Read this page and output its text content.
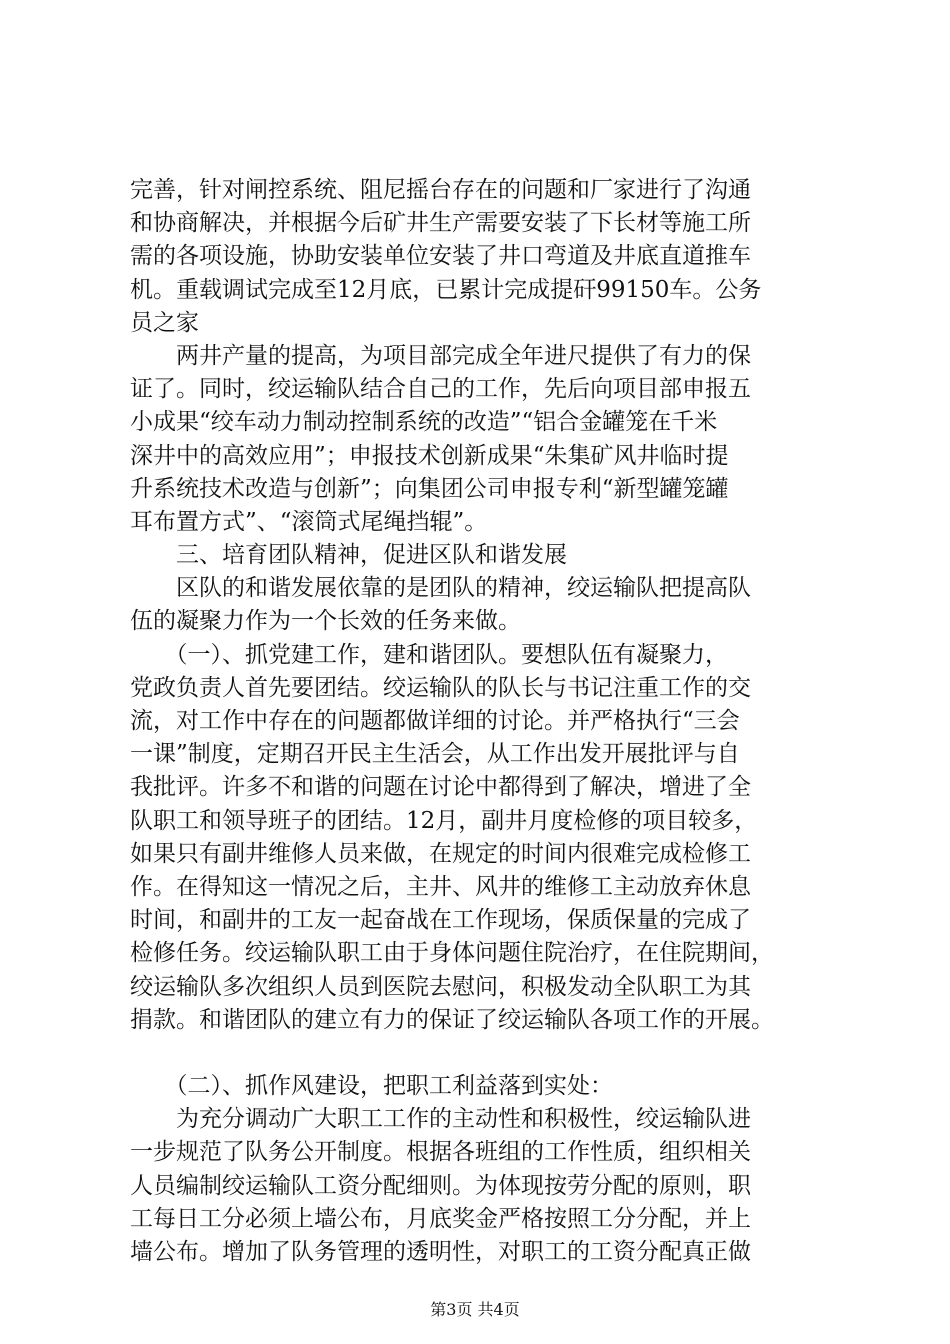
完善，针对闸控系统、阻尼摇台存在的问题和厂家进行了沟通
和协商解决，并根据今后矿井生产需要安装了下长材等施工所
需的各项设施，协助安装单位安装了井口弯道及井底直道推车
机。重载调试完成至12月底，已累计完成提矸99150车。公务
员之家
　　两井产量的提高，为项目部完成全年进尺提供了有力的保
证了。同时，绞运输队结合自己的工作，先后向项目部申报五
小成果“绞车动力制动控制系统的改造”“铝合金罐笼在千米
深井中的高效应用”；申报技术创新成果“朱集矿风井临时提
升系统技术改造与创新”；向集团公司申报专利“新型罐笼罐
耳布置方式”、“滚筒式尾绳挡辊”。
　　三、培育团队精神，促进区队和谐发展
　　区队的和谐发展依靠的是团队的精神，绞运输队把提高队
伍的凝聚力作为一个长效的任务来做。
　　（一）、抓党建工作，建和谐团队。要想队伍有凝聚力，
党政负责人首先要团结。绞运输队的队长与书记注重工作的交
流，对工作中存在的问题都做详细的讨论。并严格执行“三会
一课”制度，定期召开民主生活会，从工作出发开展批评与自
我批评。许多不和谐的问题在讨论中都得到了解决，增进了全
队职工和领导班子的团结。12月，副井月度检修的项目较多，
如果只有副井维修人员来做，在规定的时间内很难完成检修工
作。在得知这一情况之后，主井、风井的维修工主动放弃休息
时间，和副井的工友一起奋战在工作现场，保质保量的完成了
检修任务。绞运输队职工由于身体问题住院治疗，在住院期间，
绞运输队多次组织人员到医院去慰问，积极发动全队职工为其
捐款。和谐团队的建立有力的保证了绞运输队各项工作的开展。
　　（二）、抓作风建设，把职工利益落到实处：
　　为充分调动广大职工工作的主动性和积极性，绞运输队进
一步规范了队务公开制度。根据各班组的工作性质，组织相关
人员编制绞运输队工资分配细则。为体现按劳分配的原则，职
工每日工分必须上墙公布，月底奖金严格按照工分分配，并上
墙公布。增加了队务管理的透明性，对职工的工资分配真正做
第3页 共4页
